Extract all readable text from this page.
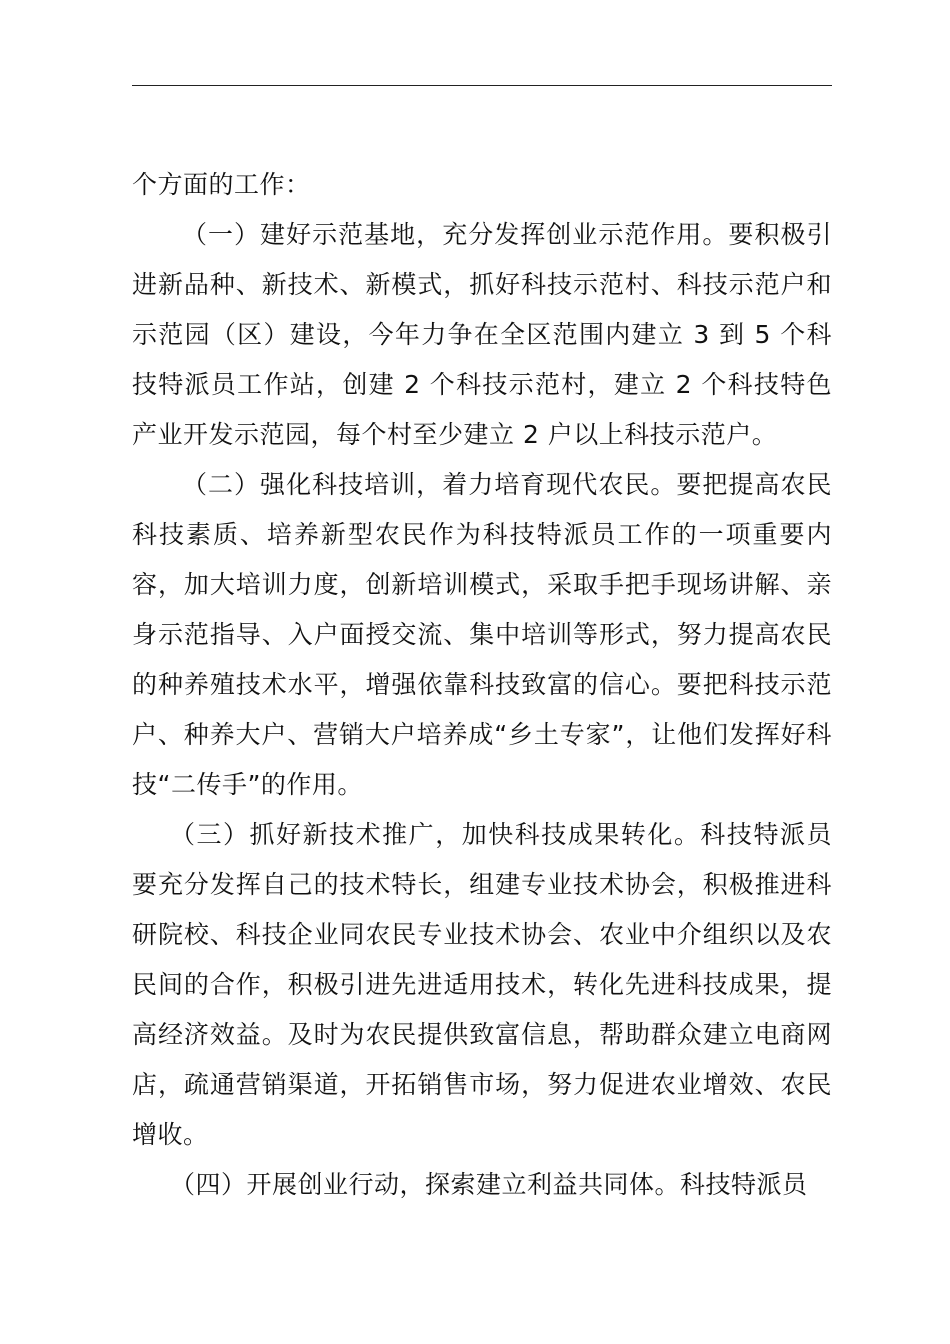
个方面的工作：

（一）建好示范基地，充分发挥创业示范作用。要积极引进新品种、新技术、新模式，抓好科技示范村、科技示范户和示范园（区）建设，今年力争在全区范围内建立 3 到 5 个科技特派员工作站，创建 2 个科技示范村，建立 2 个科技特色产业开发示范园，每个村至少建立 2 户以上科技示范户。

（二）强化科技培训，着力培育现代农民。要把提高农民科技素质、培养新型农民作为科技特派员工作的一项重要内容，加大培训力度，创新培训模式，采取手把手现场讲解、亲身示范指导、入户面授交流、集中培训等形式，努力提高农民的种养殖技术水平，增强依靠科技致富的信心。要把科技示范户、种养大户、营销大户培养成“乡土专家”，让他们发挥好科技“二传手”的作用。

（三）抓好新技术推广，加快科技成果转化。科技特派员要充分发挥自己的技术特长，组建专业技术协会，积极推进科研院校、科技企业同农民专业技术协会、农业中介组织以及农民间的合作，积极引进先进适用技术，转化先进科技成果，提高经济效益。及时为农民提供致富信息，帮助群众建立电商网店，疏通营销渠道，开拓销售市场，努力促进农业增效、农民增收。

（四）开展创业行动，探索建立利益共同体。科技特派员
